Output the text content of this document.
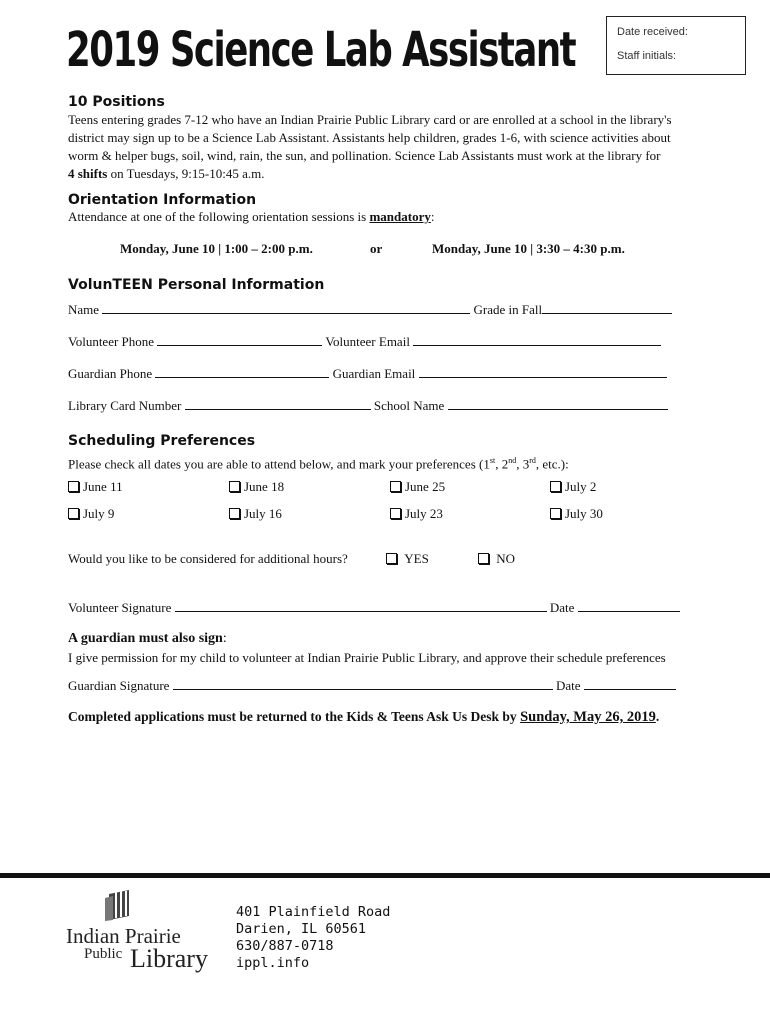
2019 Science Lab Assistant	Date received:
Staff initials:
10 Positions
Teens entering grades 7-12 who have an Indian Prairie Public Library card or are enrolled at a school in the library's district may sign up to be a Science Lab Assistant. Assistants help children, grades 1-6, with science activities about worm & helper bugs, soil, wind, rain, the sun, and pollination. Science Lab Assistants must work at the library for
4 shifts on Tuesdays, 9:15-10:45 a.m.
Orientation Information
Attendance at one of the following orientation sessions is mandatory:
Monday, June 10 | 1:00 – 2:00 p.m.	or	Monday, June 10 | 3:30 – 4:30 p.m.
VolunTEEN Personal Information
Name	Grade in Fall
Volunteer Phone	Volunteer Email
Guardian Phone	Guardian Email
Library Card Number	School Name
Scheduling Preferences
Please check all dates you are able to attend below, and mark your preferences (1st, 2nd, 3rd, etc.):
June 11	June 18	June 25	July 2
July 9	July 16	July 23	July 30
Would you like to be considered for additional hours?	YES	NO
Volunteer Signature	Date
A guardian must also sign:
I give permission for my child to volunteer at Indian Prairie Public Library, and approve their schedule preferences
Guardian Signature	Date
Completed applications must be returned to the Kids & Teens Ask Us Desk by Sunday, May 26, 2019.
Indian Prairie
Public Library
401 Plainfield Road
Darien, IL 60561
630/887-0718
ippl.info
